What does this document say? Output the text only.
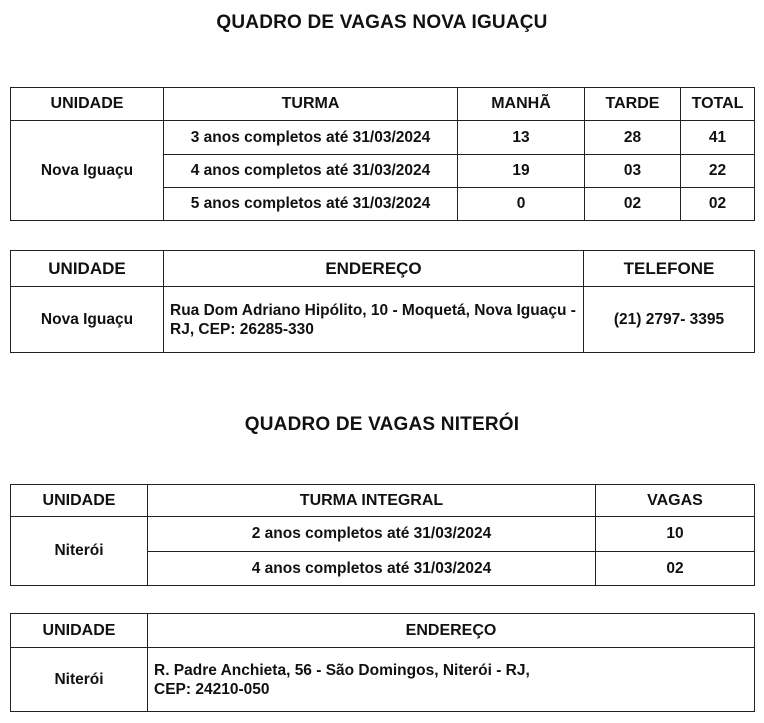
QUADRO DE VAGAS NOVA IGUAÇU
UNIDADE	TURMA	MANHÃ	TARDE	TOTAL
Nova Iguaçu	3 anos completos até 31/03/2024	13	28	41
	4 anos completos até 31/03/2024	19	03	22
	5 anos completos até 31/03/2024	0	02	02
UNIDADE	ENDEREÇO	TELEFONE
Nova Iguaçu	Rua Dom Adriano Hipólito, 10 - Moquetá, Nova Iguaçu - RJ, CEP: 26285-330	(21) 2797- 3395
QUADRO DE VAGAS NITERÓI
UNIDADE	TURMA INTEGRAL	VAGAS
Niterói	2 anos completos até 31/03/2024	10
	4 anos completos até 31/03/2024	02
UNIDADE	ENDEREÇO
Niterói	R. Padre Anchieta, 56 - São Domingos, Niterói - RJ, CEP: 24210-050
